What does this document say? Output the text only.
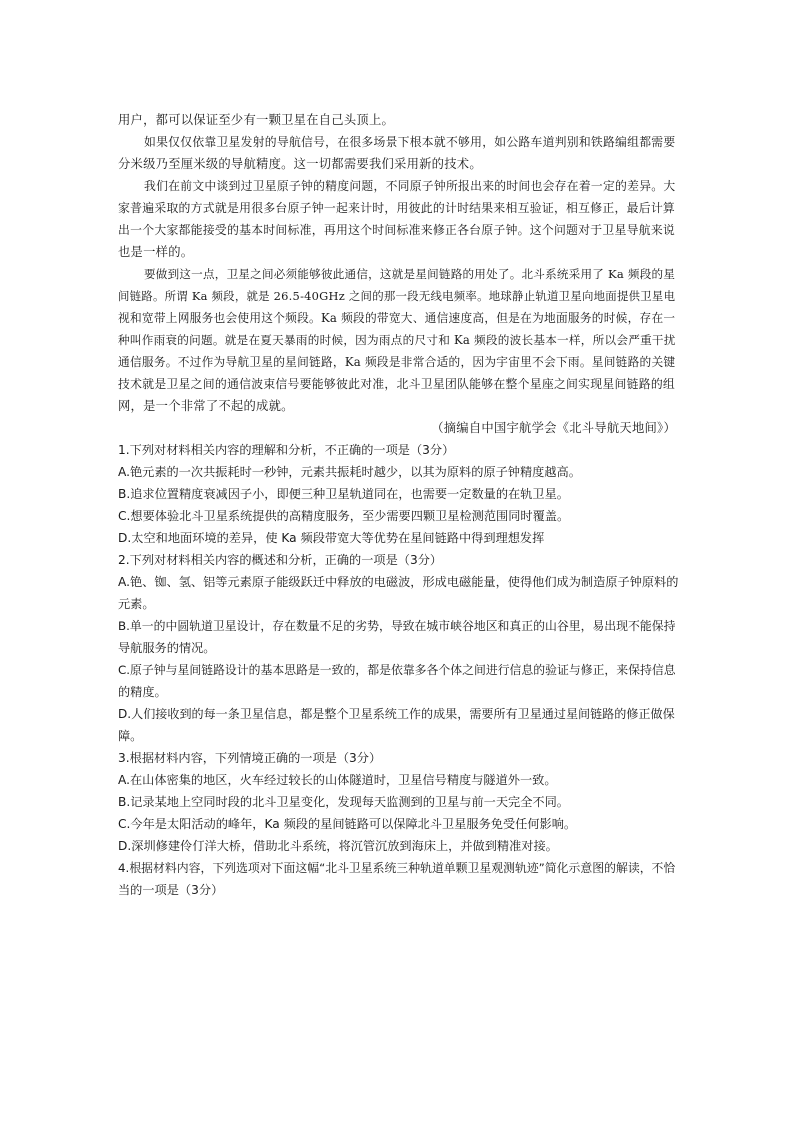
用户，都可以保证至少有一颗卫星在自己头顶上。
如果仅仅依靠卫星发射的导航信号，在很多场景下根本就不够用，如公路车道判别和铁路编组都需要
分米级乃至厘米级的导航精度。这一切都需要我们采用新的技术。
我们在前文中谈到过卫星原子钟的精度问题，不同原子钟所报出来的时间也会存在着一定的差异。大
家普遍采取的方式就是用很多台原子钟一起来计时，用彼此的计时结果来相互验证，相互修正，最后计算
出一个大家都能接受的基本时间标准，再用这个时间标准来修正各台原子钟。这个问题对于卫星导航来说
也是一样的。
要做到这一点，卫星之间必须能够彼此通信，这就是星间链路的用处了。北斗系统采用了 Ka 频段的星
间链路。所谓 Ka 频段，就是 26.5-40GHz 之间的那一段无线电频率。地球静止轨道卫星向地面提供卫星电
视和宽带上网服务也会使用这个频段。Ka 频段的带宽大、通信速度高，但是在为地面服务的时候，存在一
种叫作雨衰的问题。就是在夏天暴雨的时候，因为雨点的尺寸和 Ka 频段的波长基本一样，所以会严重干扰
通信服务。不过作为导航卫星的星间链路，Ka 频段是非常合适的，因为宇宙里不会下雨。星间链路的关键
技术就是卫星之间的通信波束信号要能够彼此对准，北斗卫星团队能够在整个星座之间实现星间链路的组
网，是一个非常了不起的成就。
（摘编自中国宇航学会《北斗导航天地间》）
1.下列对材料相关内容的理解和分析，不正确的一项是（3分）
A.铯元素的一次共振耗时一秒钟，元素共振耗时越少，以其为原料的原子钟精度越高。
B.追求位置精度衰减因子小，即便三种卫星轨道同在，也需要一定数量的在轨卫星。
C.想要体验北斗卫星系统提供的高精度服务，至少需要四颗卫星检测范围同时覆盖。
D.太空和地面环境的差异，使 Ka 频段带宽大等优势在星间链路中得到理想发挥
2.下列对材料相关内容的概述和分析，正确的一项是（3分）
A.铯、铷、氢、铝等元素原子能级跃迁中释放的电磁波，形成电磁能量，使得他们成为制造原子钟原料的
元素。
B.单一的中圆轨道卫星设计，存在数量不足的劣势，导致在城市峡谷地区和真正的山谷里，易出现不能保持
导航服务的情况。
C.原子钟与星间链路设计的基本思路是一致的，都是依靠多各个体之间进行信息的验证与修正，来保持信息
的精度。
D.人们接收到的每一条卫星信息，都是整个卫星系统工作的成果，需要所有卫星通过星间链路的修正做保
障。
3.根据材料内容，下列情境正确的一项是（3分）
A.在山体密集的地区，火车经过较长的山体隧道时，卫星信号精度与隧道外一致。
B.记录某地上空同时段的北斗卫星变化，发现每天监测到的卫星与前一天完全不同。
C.今年是太阳活动的峰年，Ka 频段的星间链路可以保障北斗卫星服务免受任何影响。
D.深圳修建伶仃洋大桥，借助北斗系统，将沉管沉放到海床上，并做到精准对接。
4.根据材料内容，下列选项对下面这幅“北斗卫星系统三种轨道单颗卫星观测轨迹”简化示意图的解读，不恰
当的一项是（3分）
